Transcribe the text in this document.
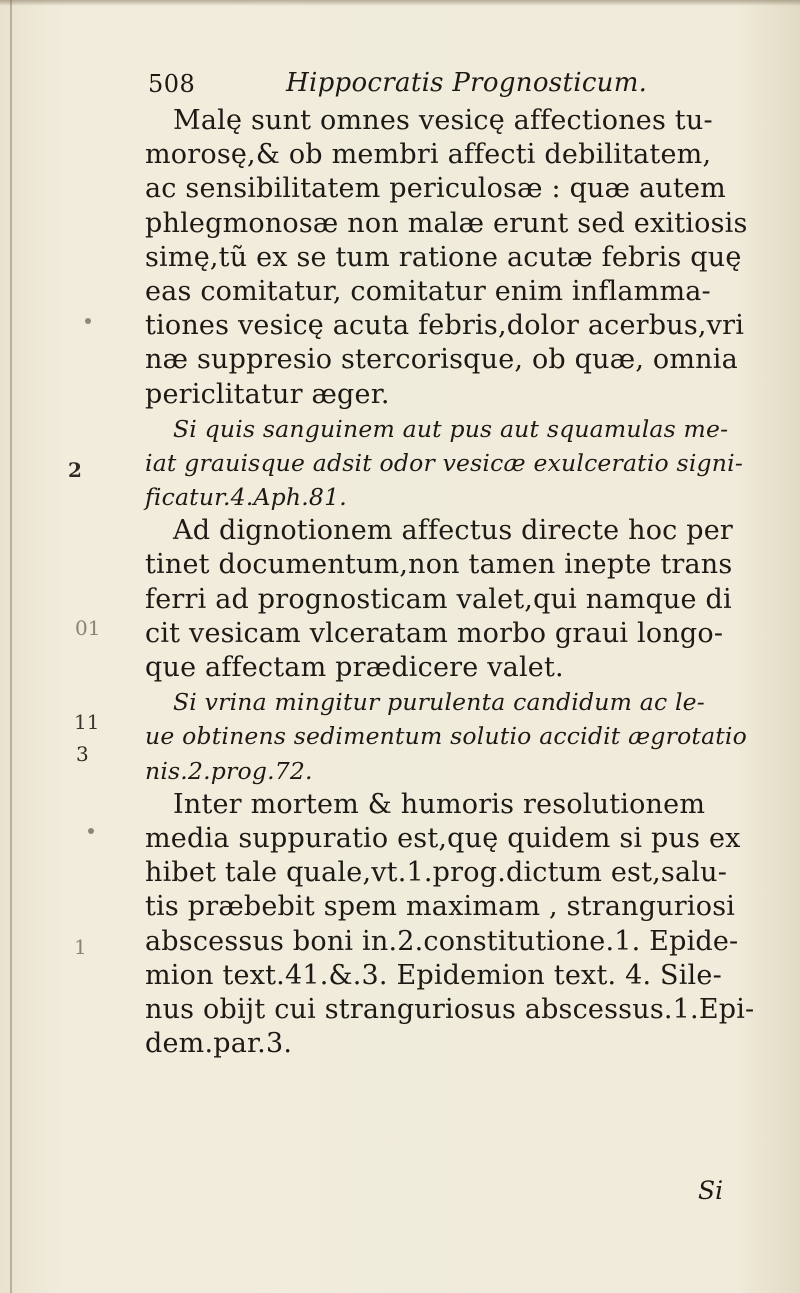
508	Hippocratis Prognosticum.
2
01
11
3
1
Malę sunt omnes vesicę affectiones tu-
morosę,& ob membri affecti debilitatem,
ac sensibilitatem periculosæ : quæ autem
phlegmonosæ non malæ erunt sed exitiosis
simę,tũ ex se tum ratione acutæ febris quę
eas comitatur, comitatur enim inflamma-
tiones vesicę acuta febris,dolor acerbus,vri
næ suppresio stercorisque, ob quæ, omnia
periclitatur æger.
Si quis sanguinem aut pus aut squamulas me-
iat grauisque adsit odor vesicæ exulceratio signi-
ficatur.4.Aph.81.
Ad dignotionem affectus directe hoc per
tinet documentum,non tamen inepte trans
ferri ad prognosticam valet,qui namque di
cit vesicam vlceratam morbo graui longo-
que affectam prædicere valet.
Si vrina mingitur purulenta candidum ac le-
ue obtinens sedimentum solutio accidit ægrotatio
nis.2.prog.72.
Inter mortem & humoris resolutionem
media suppuratio est,quę quidem si pus ex
hibet tale quale,vt.1.prog.dictum est,salu-
tis præbebit spem maximam , stranguriosi
abscessus boni in.2.constitutione.1. Epide-
mion text.41.&.3. Epidemion text. 4. Sile-
nus obijt cui stranguriosus abscessus.1.Epi-
dem.par.3.
Si
